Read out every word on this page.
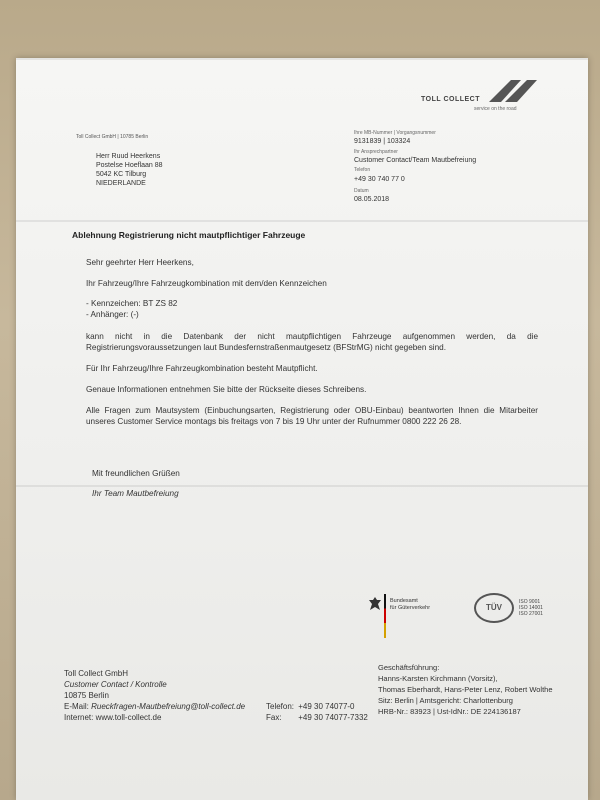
TOLL COLLECT
service on the road
Toll Collect GmbH | 10785 Berlin
Herr Ruud Heerkens
Postelse Hoeflaan 88
5042 KC Tilburg
NIEDERLANDE
Ihre MB-Nummer | Vorgangsnummer
9131839 | 103324
Ihr Ansprechpartner
Customer Contact/Team Mautbefreiung
Telefon
+49 30 740 77 0
Datum
08.05.2018
Ablehnung Registrierung nicht mautpflichtiger Fahrzeuge
Sehr geehrter Herr Heerkens,
Ihr Fahrzeug/Ihre Fahrzeugkombination mit dem/den Kennzeichen
- Kennzeichen: BT ZS 82
- Anhänger: (-)
kann nicht in die Datenbank der nicht mautpflichtigen Fahrzeuge aufgenommen werden, da die Registrierungsvoraussetzungen laut Bundesfernstraßenmautgesetz (BFStrMG) nicht gegeben sind.
Für Ihr Fahrzeug/Ihre Fahrzeugkombination besteht Mautpflicht.
Genaue Informationen entnehmen Sie bitte der Rückseite dieses Schreibens.
Alle Fragen zum Mautsystem (Einbuchungsarten, Registrierung oder OBU-Einbau) beantworten Ihnen die Mitarbeiter unseres Customer Service montags bis freitags von 7 bis 19 Uhr unter der Rufnummer 0800 222 26 28.
Mit freundlichen Grüßen
Ihr Team Mautbefreiung
Bundesamt
für Güterverkehr	TÜV
ISO 9001
ISO 14001
ISO 27001
Toll Collect GmbH
Customer Contact / Kontrolle
10875 Berlin
E-Mail: Rueckfragen-Mautbefreiung@toll-collect.de
Internet: www.toll-collect.de
Telefon: +49 30 74077-0
Fax: +49 30 74077-7332
Geschäftsführung:
Hanns-Karsten Kirchmann (Vorsitz),
Thomas Eberhardt, Hans-Peter Lenz, Robert Wolthe
Sitz: Berlin | Amtsgericht: Charlottenburg
HRB-Nr.: 83923 | Ust-IdNr.: DE 224136187
